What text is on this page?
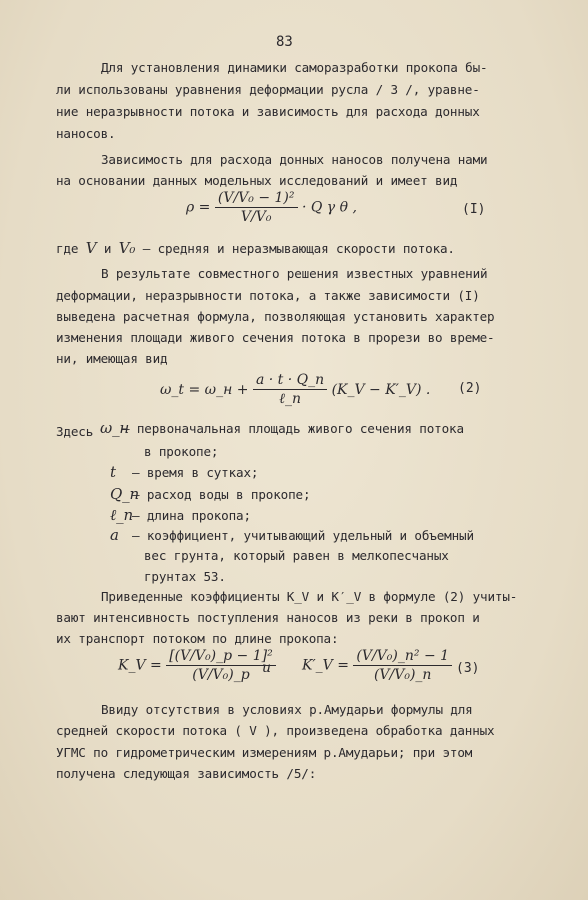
83
Для установления динамики саморазработки прокопа бы-
ли использованы уравнения деформации русла / 3 /, уравне-
ние неразрывности потока и зависимость для расхода донных
наносов.
Зависимость для расхода донных наносов получена нами
на основании данных модельных исследований и имеет вид
$\rho = \frac{\text{(V/V₀ − 1)²}}{\text{V/V₀}} \cdot Q$ γ θ ,	(I)
где V и V₀ – средняя и неразмывающая скорости потока.
В результате совместного решения известных уравнений
деформации, неразрывности потока, а также зависимости (I)
выведена расчетная формула, позволяющая установить характер
изменения площади живого сечения потока в прорези во време-
ни, имеющая вид
ω_t = ω_н + $\frac{a \cdot t \cdot Q\_п}{\text{ℓ\_п}}$ (K_V − K′_V) . (2)
Здесь ω_н– первоначальная площадь живого сечения потока
в прокопе;
t – время в сутках;
Q_п– расход воды в прокопе;
ℓ_п– длина прокопа;
a – коэффициент, учитывающий удельный и объемный
вес грунта, который равен в мелкопесчаных
грунтах 53.
Приведенные коэффициенты K_V и K′_V в формуле (2) учиты-
вают интенсивность поступления наносов из реки в прокоп и
их транспорт потоком по длине прокопа:
K_V = $\frac{\text{[(V/V₀)\_р − 1]²}}{\text{(V/V₀)\_р}}$
и K′_V = $\frac{\text{(V/V₀)\_п² − 1}}{\text{(V/V₀)\_п}} (3)$
Ввиду отсутствия в условиях р.Амударьи формулы для
средней скорости потока ( V ), произведена обработка данных
УГМС по гидрометрическим измерениям р.Амударьи; при этом
получена следующая зависимость /5/:
